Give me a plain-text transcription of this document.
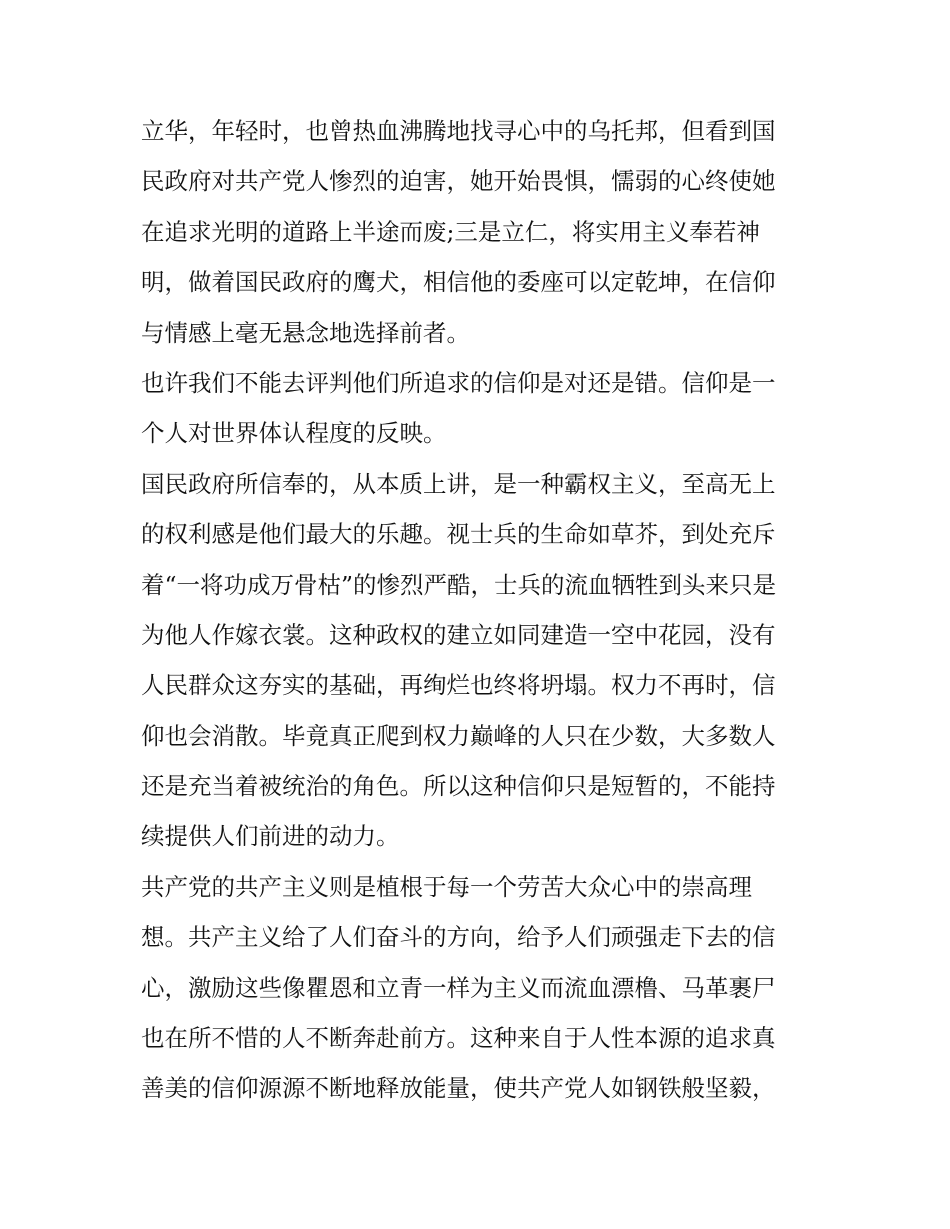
立华，年轻时，也曾热血沸腾地找寻心中的乌托邦，但看到国
民政府对共产党人惨烈的迫害，她开始畏惧，懦弱的心终使她
在追求光明的道路上半途而废;三是立仁，将实用主义奉若神
明，做着国民政府的鹰犬，相信他的委座可以定乾坤，在信仰
与情感上毫无悬念地选择前者。
也许我们不能去评判他们所追求的信仰是对还是错。信仰是一
个人对世界体认程度的反映。
国民政府所信奉的，从本质上讲，是一种霸权主义，至高无上
的权利感是他们最大的乐趣。视士兵的生命如草芥，到处充斥
着“一将功成万骨枯”的惨烈严酷，士兵的流血牺牲到头来只是
为他人作嫁衣裳。这种政权的建立如同建造一空中花园，没有
人民群众这夯实的基础，再绚烂也终将坍塌。权力不再时，信
仰也会消散。毕竟真正爬到权力巅峰的人只在少数，大多数人
还是充当着被统治的角色。所以这种信仰只是短暂的，不能持
续提供人们前进的动力。
共产党的共产主义则是植根于每一个劳苦大众心中的崇高理
想。共产主义给了人们奋斗的方向，给予人们顽强走下去的信
心，激励这些像瞿恩和立青一样为主义而流血漂橹、马革裹尸
也在所不惜的人不断奔赴前方。这种来自于人性本源的追求真
善美的信仰源源不断地释放能量，使共产党人如钢铁般坚毅，
